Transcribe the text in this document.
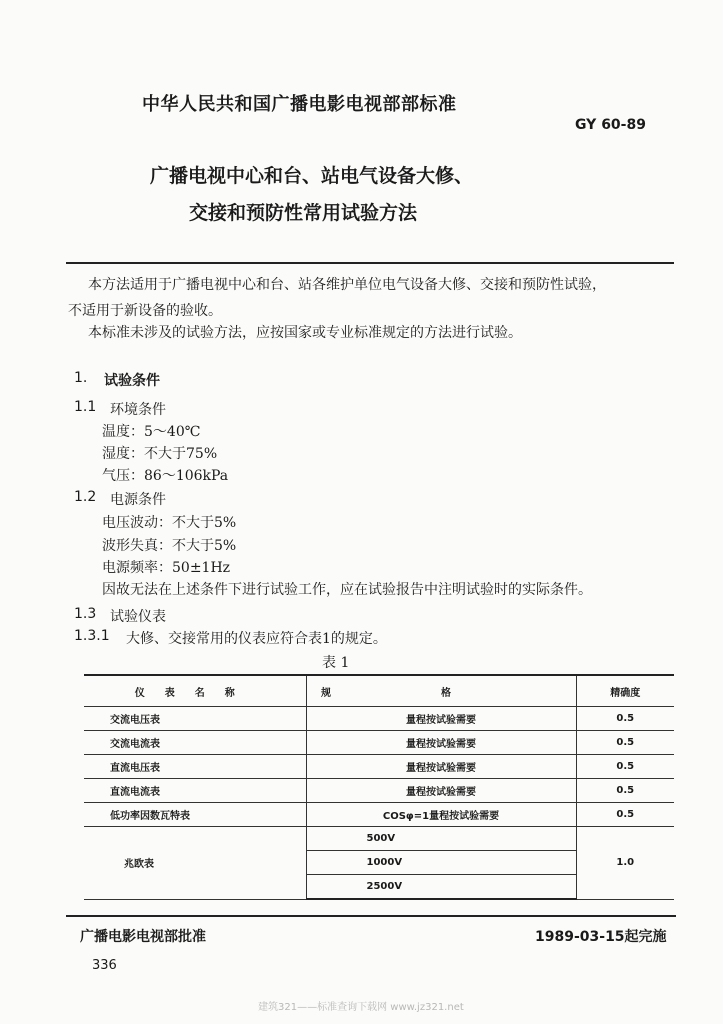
中华人民共和国广播电影电视部部标准
GY 60-89
广播电视中心和台、站电气设备大修、
交接和预防性常用试验方法
本方法适用于广播电视中心和台、站各维护单位电气设备大修、交接和预防性试验，
不适用于新设备的验收。
本标准未涉及的试验方法，应按国家或专业标准规定的方法进行试验。
1. 试验条件
1.1 环境条件
温度：5～40℃
湿度：不大于75%
气压：86～106kPa
1.2 电源条件
电压波动：不大于5%
波形失真：不大于5%
电源频率：50±1Hz
因故无法在上述条件下进行试验工作，应在试验报告中注明试验时的实际条件。
1.3 试验仪表
1.3.1 大修、交接常用的仪表应符合表1的规定。
表 1
仪表名称	规格	精确度
交流电压表	量程按试验需要	0.5
交流电流表	量程按试验需要	0.5
直流电压表	量程按试验需要	0.5
直流电流表	量程按试验需要	0.5
低功率因数瓦特表	COSφ=1量程按试验需要	0.5
兆欧表	500V	1.0
	1000V	
	2500V	
广播电影电视部批准	1989-03-15起完施
336
建筑321——标准查询下载网 www.jz321.net
